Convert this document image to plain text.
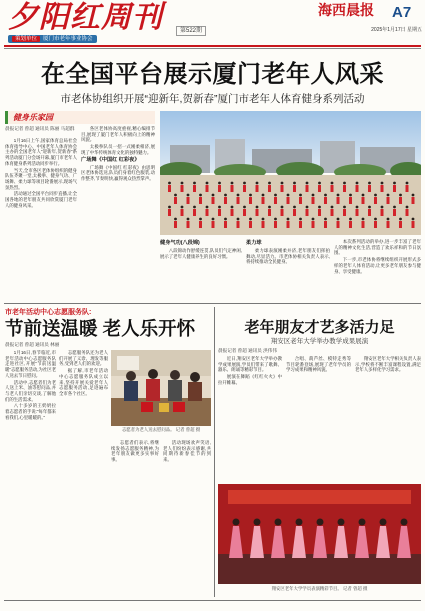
夕阳红周刊
策划单位 厦门市老年事业协会
第522期
海西晨报 A7
2025年1月17日 星期五
在全国平台展示厦门老年人风采
市老体协组织开展“迎新年,贺新春”厦门市老年人体育健身系列活动
健身乐家园
晨报记者 曾超 通讯员 陈丽 马超群

1月16日上午,国家体育总局社会体育指导中心、中国老年人体育协会主办的全国老年人“迎新年,贺新春”系列活动厦门分会场开幕,厦门市老年人体育健身系列活动同步举行。

当天,全市各区老体协组织的健身队伍齐聚一堂,太极拳、健身气功、广场舞、柔力球等项目轮番展示,现场气氛热烈。

活动通过全国平台同步直播,让全国各地的老年朋友共同欣赏厦门老年人的健身风采。

各区老体协高度重视,精心编排节目,展现了厦门老年人积极向上的精神风貌。

太极拳队员一招一式刚柔相济,展现了中华传统体育文化的独特魅力。

广场舞《中国红 红彩夜》

广场舞《中国红 红彩夜》由思明区老体协选送,队员们身着红色服装,动作整齐,节奏明快,赢得观众热烈掌声。

健身气功(八段锦)

八段锦动作舒缓连贯,队员们气定神闲,展示了老年人健康养生的良好习惯。

柔力球

柔力球表演刚柔并济,老年朋友们挥拍舞动,尽显活力。市老体协相关负责人表示,将持续推动全民健身。

本次系列活动的举办,进一步丰富了老年人的精神文化生活,营造了欢乐祥和的节日氛围。

下一步,市老体协将继续组织开展形式多样的老年人体育活动,让更多老年朋友参与健身、享受健康。

市老年活动中心志愿服务队:
节前送温暖 老人乐开怀
晨报记者 曾超 通讯员 林丽

1月16日,春节临近,市老年活动中心志愿服务队走进社区,开展“节前送温暖”志愿服务活动,为社区老人送去节日慰问。

活动中,志愿者们为老人送上米、油等慰问品,并与老人们亲切交谈,了解他们的生活需求。

八十多岁的王奶奶拉着志愿者的手说:“每年都来看我们,心里暖暖的。”

志愿服务队还为老人们开展了义诊、理发等服务,受到老人们的欢迎。

据了解,市老年活动中心志愿服务队成立以来,坚持开展关爱老年人志愿服务活动,足迹遍布全市各个社区。

志愿者为老人送去慰问品。 记者 曾超 摄

志愿者们表示,将继续发扬志愿服务精神,为老年朋友做更多实事好事。

活动现场欢声笑语,老人们纷纷表示感谢,共同期待新春佳节的到来。

老年朋友才艺多活力足
翔安区老年大学举办教学成果展演
晨报记者 曾超 通讯员 洪伟伟

近日,翔安区老年大学举办教学成果展演,学员们带来了歌舞、器乐、朗诵等精彩节目。

展演在舞蹈《红红火火》中拉开帷幕。

合唱、葫芦丝、模特走秀等节目轮番登场,展现了老年学员的学习成果和精神风貌。

翔安区老年大学相关负责人表示,学校将不断丰富课程设置,满足老年人多样化学习需求。

翔安区老年大学学员表演精彩节目。 记者 曾超 摄
